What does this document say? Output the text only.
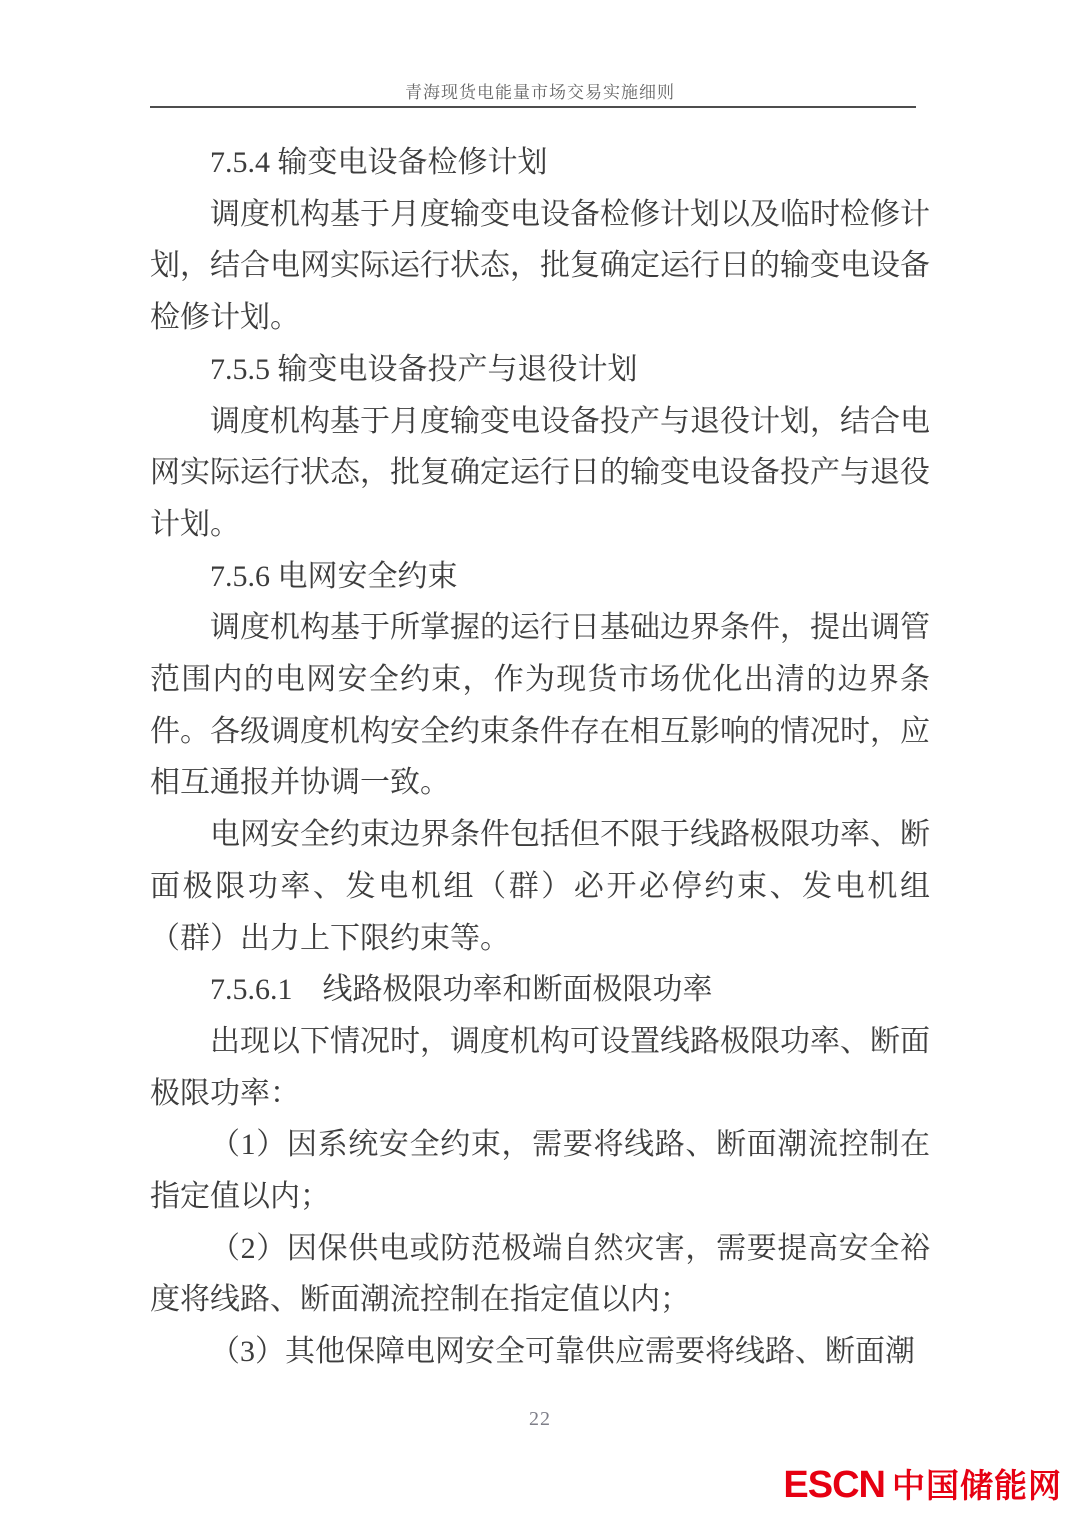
青海现货电能量市场交易实施细则
7.5.4 输变电设备检修计划

调度机构基于月度输变电设备检修计划以及临时检修计划，结合电网实际运行状态，批复确定运行日的输变电设备检修计划。

7.5.5 输变电设备投产与退役计划

调度机构基于月度输变电设备投产与退役计划，结合电网实际运行状态，批复确定运行日的输变电设备投产与退役计划。

7.5.6 电网安全约束

调度机构基于所掌握的运行日基础边界条件，提出调管范围内的电网安全约束，作为现货市场优化出清的边界条件。各级调度机构安全约束条件存在相互影响的情况时，应相互通报并协调一致。

电网安全约束边界条件包括但不限于线路极限功率、断面极限功率、发电机组（群）必开必停约束、发电机组（群）出力上下限约束等。

7.5.6.1　线路极限功率和断面极限功率

出现以下情况时，调度机构可设置线路极限功率、断面极限功率：

（1）因系统安全约束，需要将线路、断面潮流控制在指定值以内；

（2）因保供电或防范极端自然灾害，需要提高安全裕度将线路、断面潮流控制在指定值以内；

（3）其他保障电网安全可靠供应需要将线路、断面潮

22
ESCN 中国储能网
